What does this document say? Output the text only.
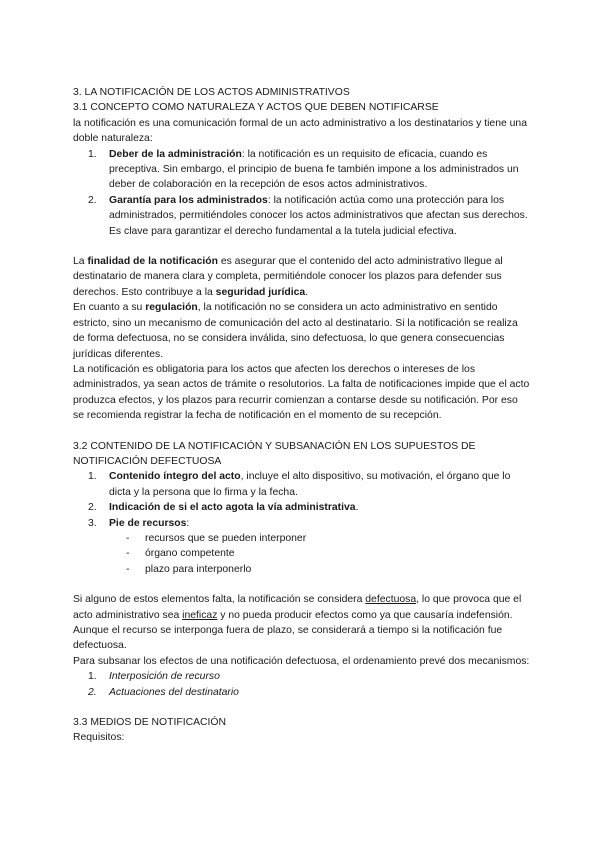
3. LA NOTIFICACIÓN DE LOS ACTOS ADMINISTRATIVOS

3.1 CONCEPTO COMO NATURALEZA Y ACTOS QUE DEBEN NOTIFICARSE

la notificación es una comunicación formal de un acto administrativo a los destinatarios y tiene una doble naturaleza:

1. Deber de la administración: la notificación es un requisito de eficacia, cuando es preceptiva. Sin embargo, el principio de buena fe también impone a los administrados un deber de colaboración en la recepción de esos actos administrativos.
2. Garantía para los administrados: la notificación actúa como una protección para los administrados, permitiéndoles conocer los actos administrativos que afectan sus derechos. Es clave para garantizar el derecho fundamental a la tutela judicial efectiva.

La finalidad de la notificación es asegurar que el contenido del acto administrativo llegue al destinatario de manera clara y completa, permitiéndole conocer los plazos para defender sus derechos. Esto contribuye a la seguridad jurídica.

En cuanto a su regulación, la notificación no se considera un acto administrativo en sentido estricto, sino un mecanismo de comunicación del acto al destinatario. Si la notificación se realiza de forma defectuosa, no se considera inválida, sino defectuosa, lo que genera consecuencias jurídicas diferentes.

La notificación es obligatoria para los actos que afecten los derechos o intereses de los administrados, ya sean actos de trámite o resolutorios. La falta de notificaciones impide que el acto produzca efectos, y los plazos para recurrir comienzan a contarse desde su notificación. Por eso se recomienda registrar la fecha de notificación en el momento de su recepción.

3.2 CONTENIDO DE LA NOTIFICACIÓN Y SUBSANACIÓN EN LOS SUPUESTOS DE NOTIFICACIÓN DEFECTUOSA

1. Contenido íntegro del acto, incluye el alto dispositivo, su motivación, el órgano que lo dicta y la persona que lo firma y la fecha.
2. Indicación de si el acto agota la vía administrativa.
3. Pie de recursos:
- recursos que se pueden interponer
- órgano competente
- plazo para interponerlo

Si alguno de estos elementos falta, la notificación se considera defectuosa, lo que provoca que el acto administrativo sea ineficaz y no pueda producir efectos como ya que causaría indefensión. Aunque el recurso se interponga fuera de plazo, se considerará a tiempo si la notificación fue defectuosa.

Para subsanar los efectos de una notificación defectuosa, el ordenamiento prevé dos mecanismos:

1. Interposición de recurso
2. Actuaciones del destinatario

3.3 MEDIOS DE NOTIFICACIÓN

Requisitos:
